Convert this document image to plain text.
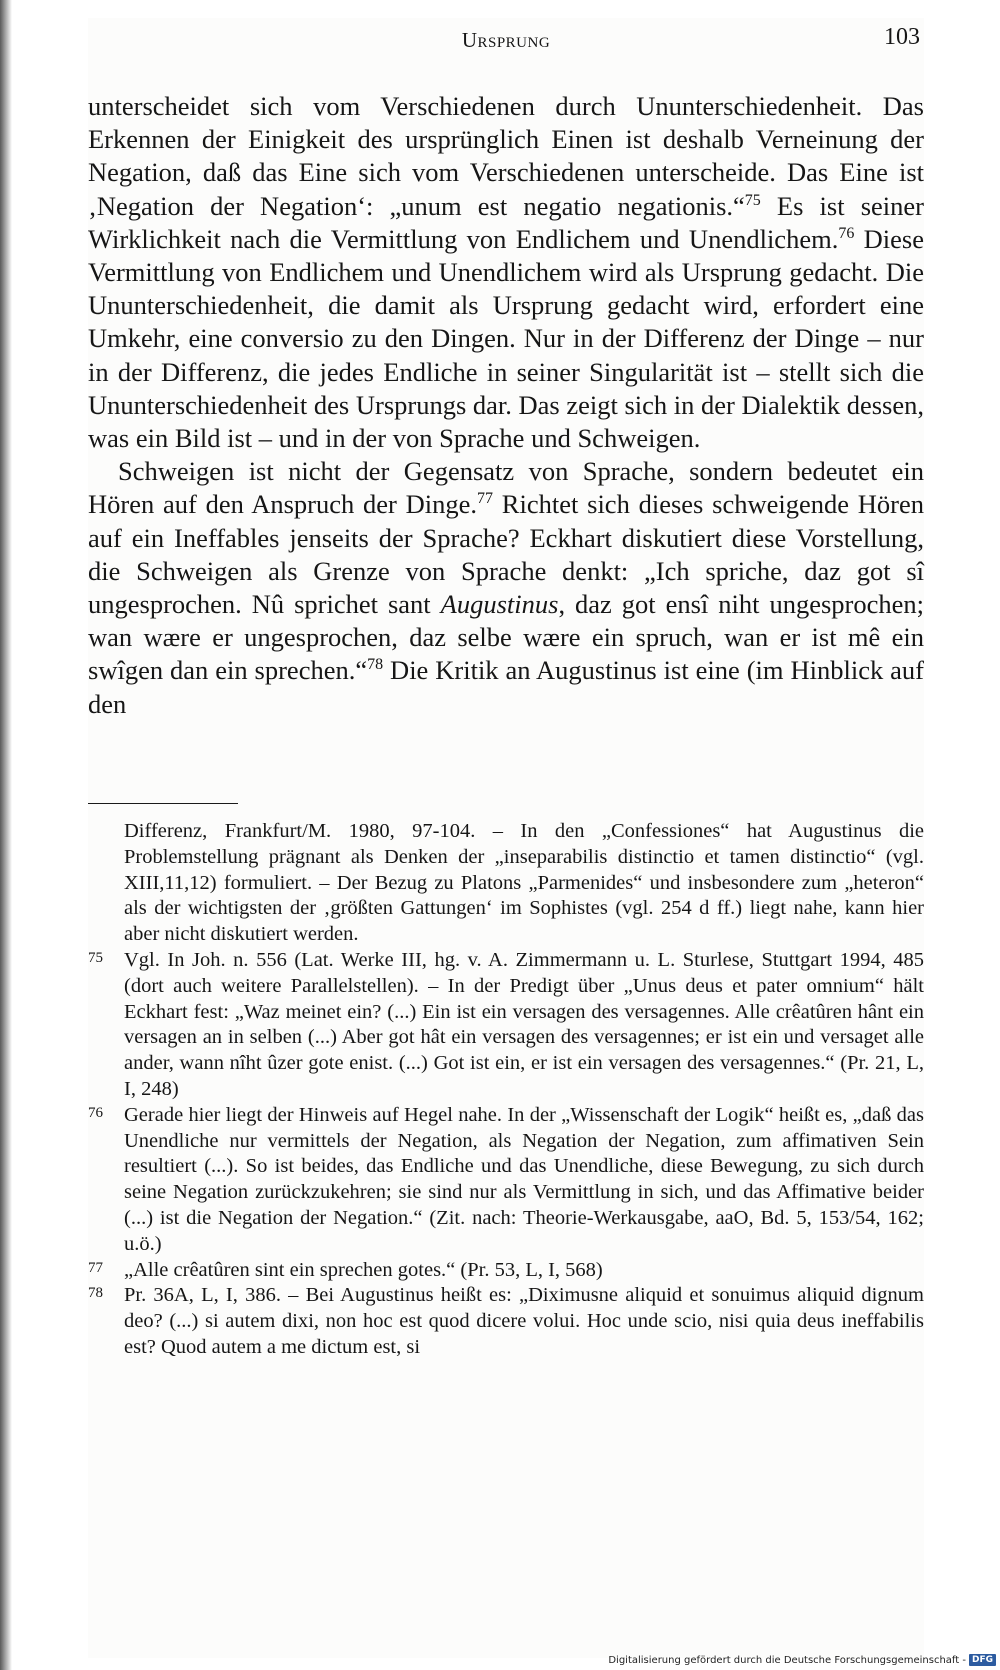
Ursprung	103

unterscheidet sich vom Verschiedenen durch Ununterschiedenheit. Das Erkennen der Einigkeit des ursprünglich Einen ist deshalb Verneinung der Negation, daß das Eine sich vom Verschiedenen unterscheide. Das Eine ist ‚Negation der Negation‘: „unum est negatio negationis.“$^{75}$ Es ist seiner Wirklichkeit nach die Vermittlung von Endlichem und Unendlichem.$^{76}$ Diese Vermittlung von Endlichem und Unendlichem wird als Ursprung gedacht. Die Ununterschiedenheit, die damit als Ursprung gedacht wird, erfordert eine Umkehr, eine conversio zu den Dingen. Nur in der Differenz der Dinge – nur in der Differenz, die jedes Endliche in seiner Singularität ist – stellt sich die Ununterschiedenheit des Ursprungs dar. Das zeigt sich in der Dialektik dessen, was ein Bild ist – und in der von Sprache und Schweigen.

Schweigen ist nicht der Gegensatz von Sprache, sondern bedeutet ein Hören auf den Anspruch der Dinge.$^{77}$ Richtet sich dieses schweigende Hören auf ein Ineffables jenseits der Sprache? Eckhart diskutiert diese Vorstellung, die Schweigen als Grenze von Sprache denkt: „Ich spriche, daz got sî ungesprochen. Nû sprichet sant Augustinus, daz got ensî niht ungesprochen; wan wære er ungesprochen, daz selbe wære ein spruch, wan er ist mê ein swîgen dan ein sprechen.“$^{78}$ Die Kritik an Augustinus ist eine (im Hinblick auf den

Differenz, Frankfurt/M. 1980, 97-104. – In den „Confessiones“ hat Augustinus die Problemstellung prägnant als Denken der „inseparabilis distinctio et tamen distinctio“ (vgl. XIII,11,12) formuliert. – Der Bezug zu Platons „Parmenides“ und insbesondere zum „heteron“ als der wichtigsten der ‚größten Gattungen‘ im Sophistes (vgl. 254 d ff.) liegt nahe, kann hier aber nicht diskutiert werden.

75 Vgl. In Joh. n. 556 (Lat. Werke III, hg. v. A. Zimmermann u. L. Sturlese, Stuttgart 1994, 485 (dort auch weitere Parallelstellen). – In der Predigt über „Unus deus et pater omnium“ hält Eckhart fest: „Waz meinet ein? (...) Ein ist ein versagen des versagennes. Alle crêatûren hânt ein versagen an in selben (...) Aber got hât ein versagen des versagennes; er ist ein und versaget alle ander, wann nîht ûzer gote enist. (...) Got ist ein, er ist ein versagen des versagennes.“ (Pr. 21, L, I, 248)

76 Gerade hier liegt der Hinweis auf Hegel nahe. In der „Wissenschaft der Logik“ heißt es, „daß das Unendliche nur vermittels der Negation, als Negation der Negation, zum affimativen Sein resultiert (...). So ist beides, das Endliche und das Unendliche, diese Bewegung, zu sich durch seine Negation zurückzukehren; sie sind nur als Vermittlung in sich, und das Affimative beider (...) ist die Negation der Negation.“ (Zit. nach: Theorie-Werkausgabe, aaO, Bd. 5, 153/54, 162; u.ö.)

77 „Alle crêatûren sint ein sprechen gotes.“ (Pr. 53, L, I, 568)

78 Pr. 36A, L, I, 386. – Bei Augustinus heißt es: „Diximusne aliquid et sonuimus aliquid dignum deo? (...) si autem dixi, non hoc est quod dicere volui. Hoc unde scio, nisi quia deus ineffabilis est? Quod autem a me dictum est, si

Digitalisierung gefördert durch die Deutsche Forschungsgemeinschaft - DFG
